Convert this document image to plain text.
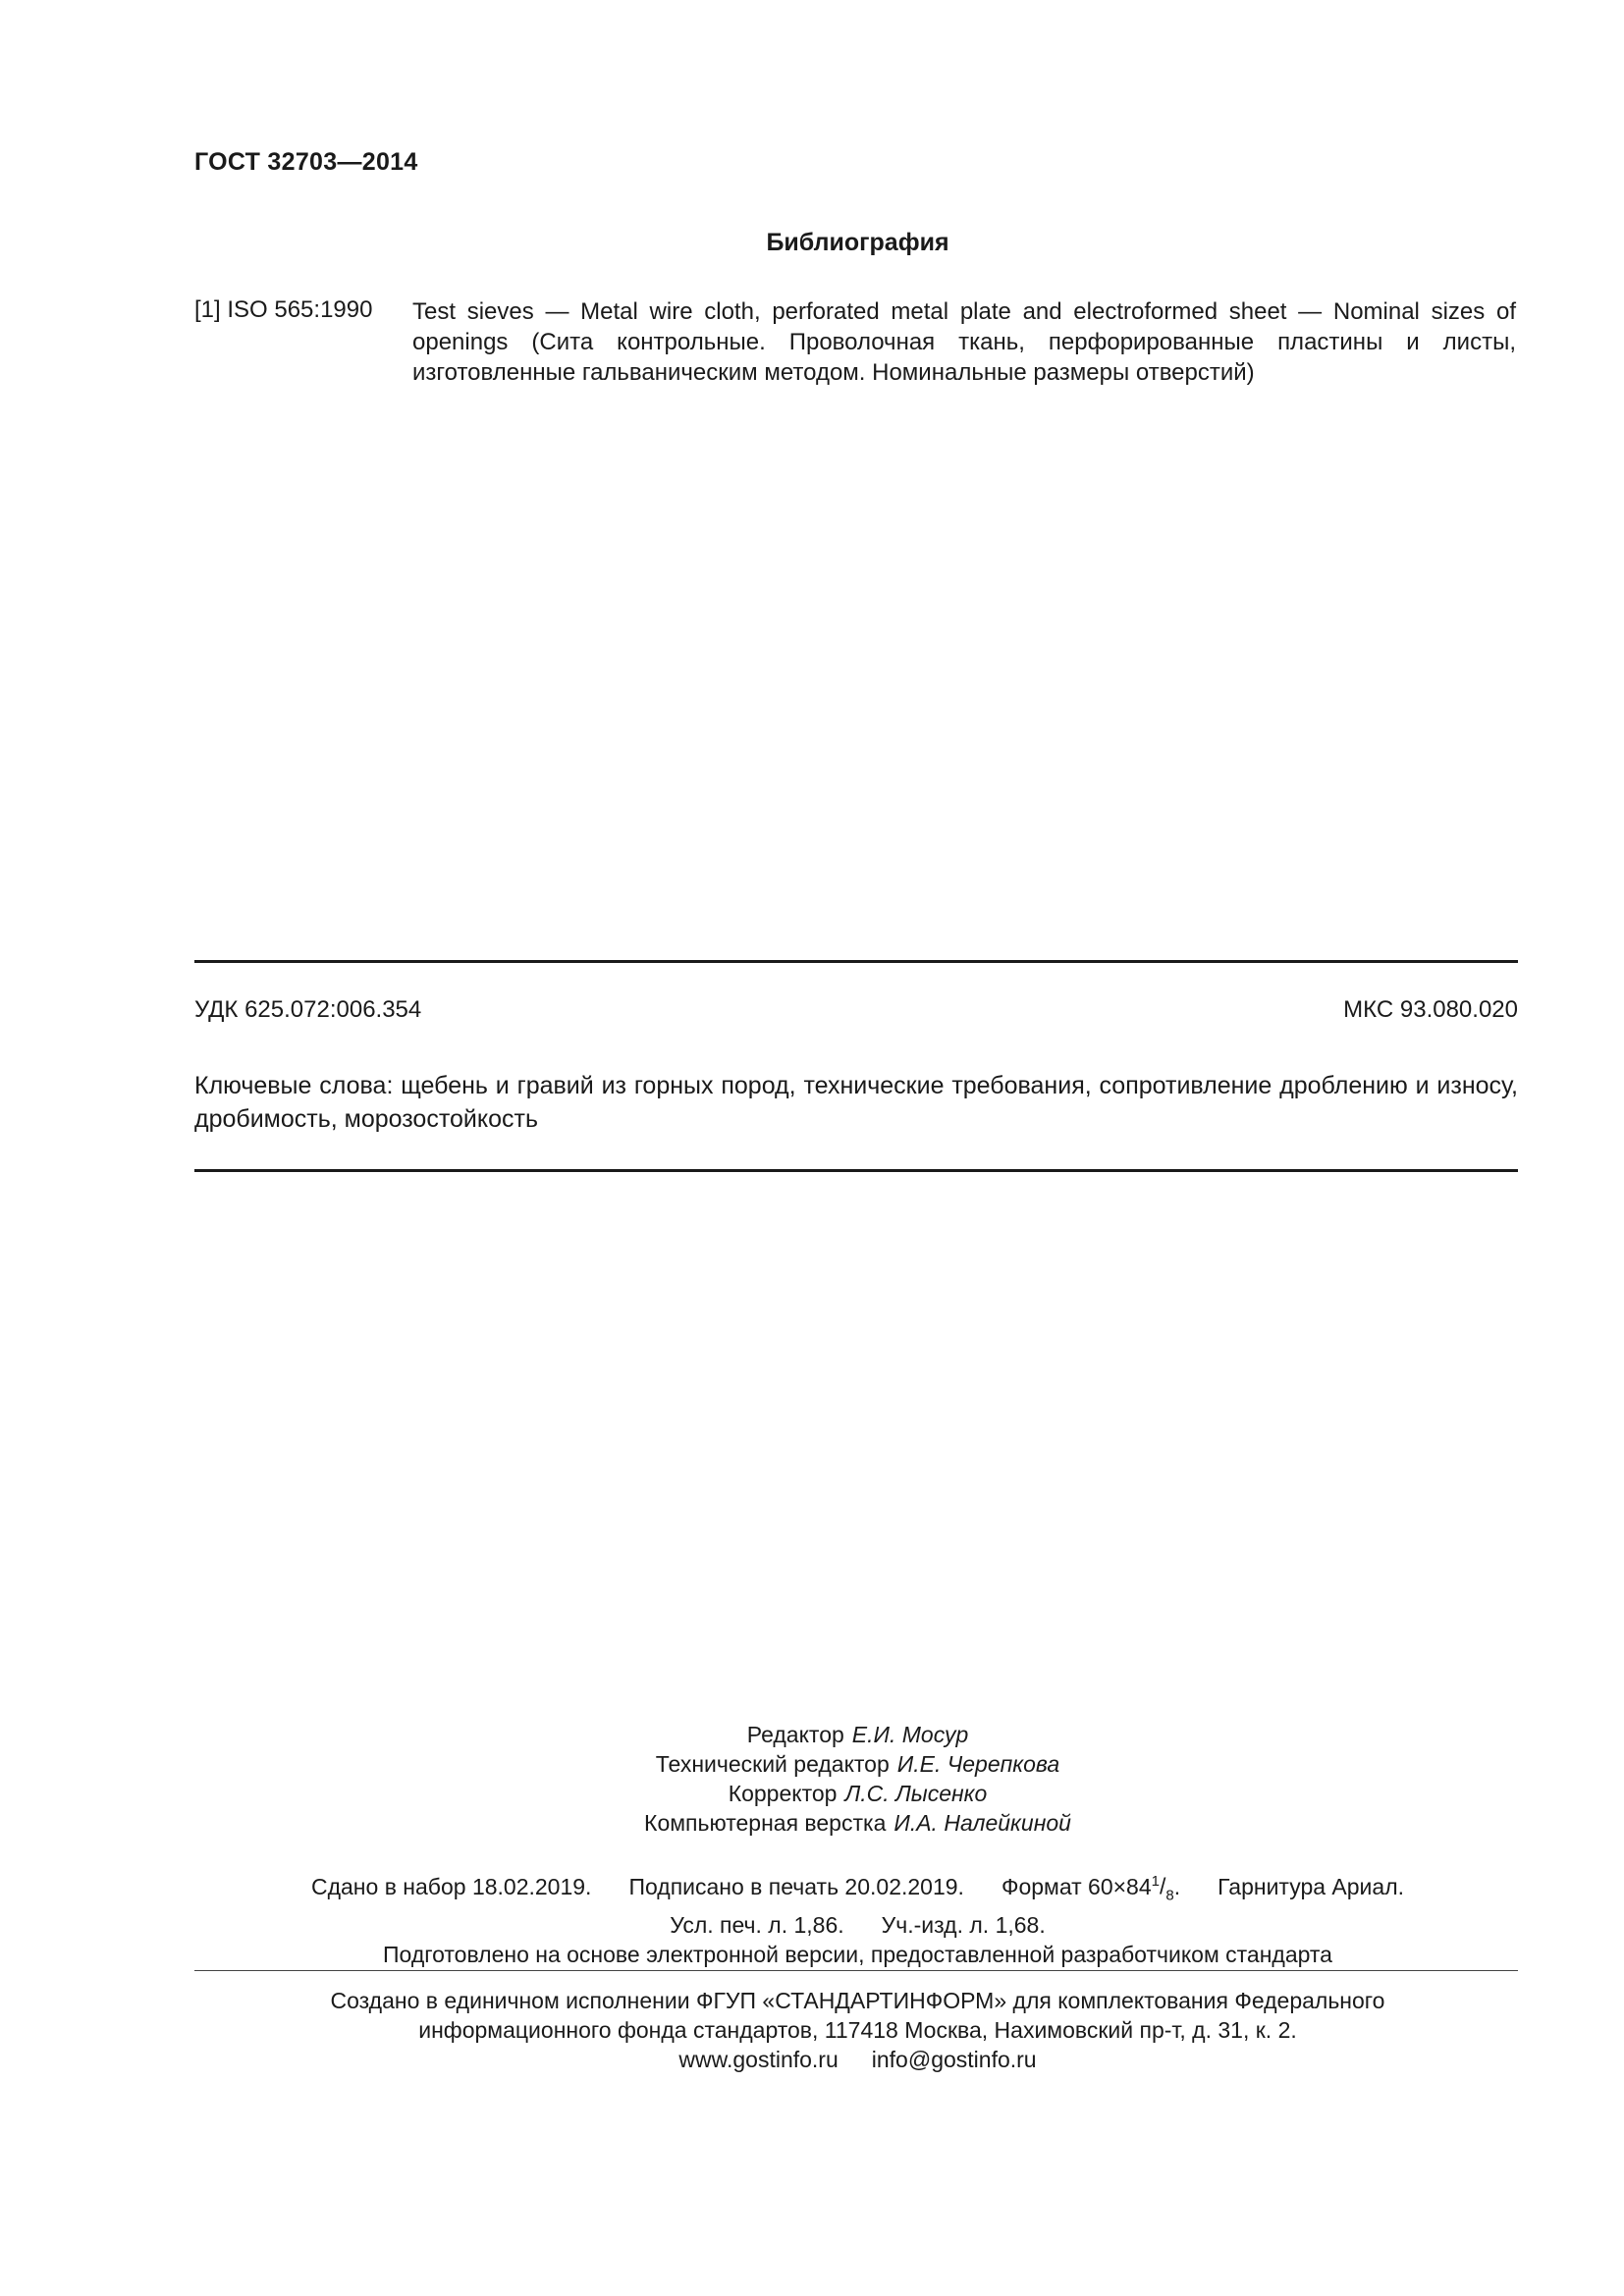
ГОСТ 32703—2014
Библиография
[1] ISO 565:1990 Test sieves — Metal wire cloth, perforated metal plate and electroformed sheet — Nominal sizes of openings (Сита контрольные. Проволочная ткань, перфорированные пластины и листы, изготовленные гальваническим методом. Номинальные размеры отверстий)
УДК 625.072:006.354	МКС 93.080.020
Ключевые слова: щебень и гравий из горных пород, технические требования, сопротивление дроблению и износу, дробимость, морозостойкость
Редактор Е.И. Мосур
Технический редактор И.Е. Черепкова
Корректор Л.С. Лысенко
Компьютерная верстка И.А. Налейкиной
Сдано в набор 18.02.2019. Подписано в печать 20.02.2019. Формат $60\times 84^1/_8$. Гарнитура Ариал.
Усл. печ. л. 1,86. Уч.-изд. л. 1,68.
Подготовлено на основе электронной версии, предоставленной разработчиком стандарта
Создано в единичном исполнении ФГУП «СТАНДАРТИНФОРМ» для комплектования Федерального
информационного фонда стандартов, 117418 Москва, Нахимовский пр-т, д. 31, к. 2.
www.gostinfo.ru info@gostinfo.ru
